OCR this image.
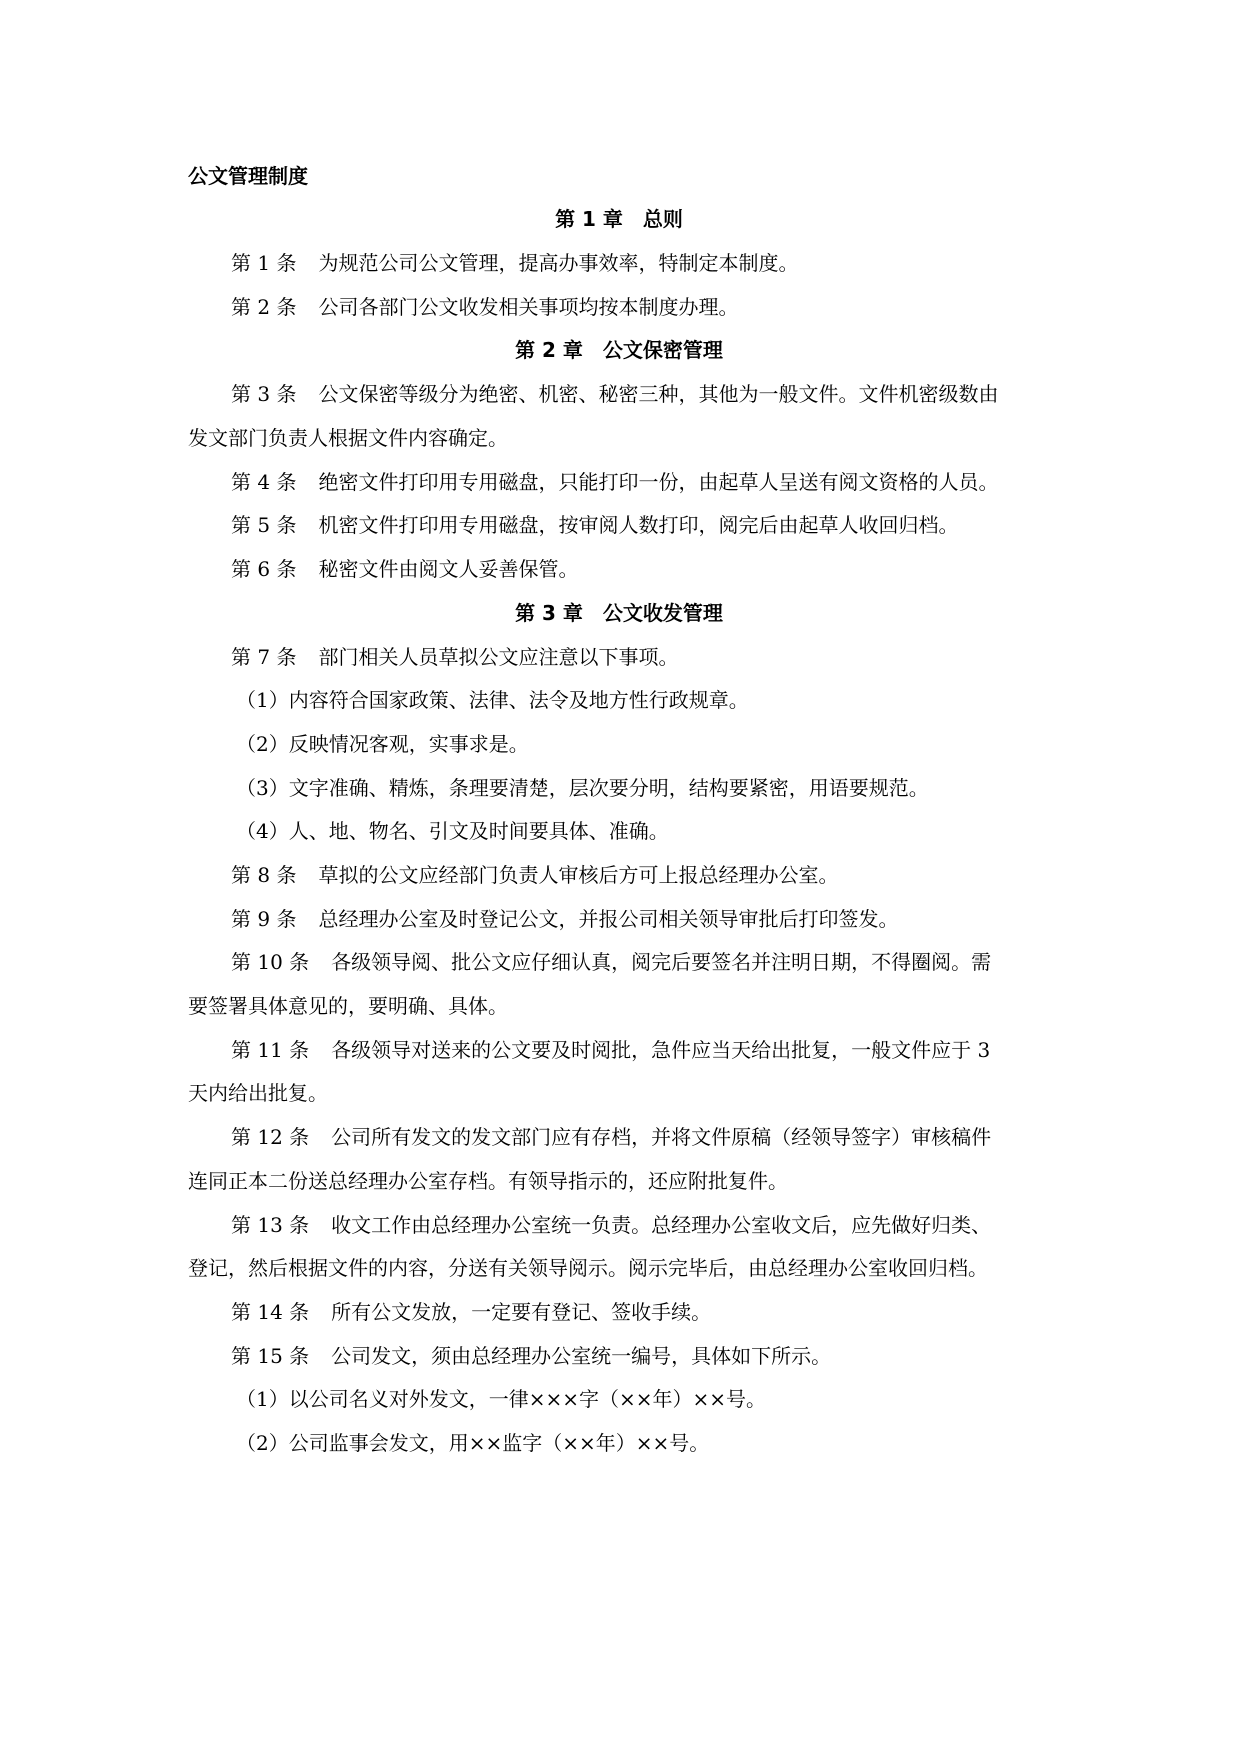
公文管理制度
第 1 章　总则
第 1 条 为规范公司公文管理，提高办事效率，特制定本制度。
第 2 条 公司各部门公文收发相关事项均按本制度办理。
第 2 章　公文保密管理
第 3 条 公文保密等级分为绝密、机密、秘密三种，其他为一般文件。文件机密级数由
发文部门负责人根据文件内容确定。
第 4 条 绝密文件打印用专用磁盘，只能打印一份，由起草人呈送有阅文资格的人员。
第 5 条 机密文件打印用专用磁盘，按审阅人数打印，阅完后由起草人收回归档。
第 6 条 秘密文件由阅文人妥善保管。
第 3 章　公文收发管理
第 7 条 部门相关人员草拟公文应注意以下事项。
（1）内容符合国家政策、法律、法令及地方性行政规章。
（2）反映情况客观，实事求是。
（3）文字准确、精炼，条理要清楚，层次要分明，结构要紧密，用语要规范。
（4）人、地、物名、引文及时间要具体、准确。
第 8 条 草拟的公文应经部门负责人审核后方可上报总经理办公室。
第 9 条 总经理办公室及时登记公文，并报公司相关领导审批后打印签发。
第 10 条 各级领导阅、批公文应仔细认真，阅完后要签名并注明日期，不得圈阅。需
要签署具体意见的，要明确、具体。
第 11 条 各级领导对送来的公文要及时阅批，急件应当天给出批复，一般文件应于 3
天内给出批复。
第 12 条 公司所有发文的发文部门应有存档，并将文件原稿（经领导签字）审核稿件
连同正本二份送总经理办公室存档。有领导指示的，还应附批复件。
第 13 条 收文工作由总经理办公室统一负责。总经理办公室收文后，应先做好归类、
登记，然后根据文件的内容，分送有关领导阅示。阅示完毕后，由总经理办公室收回归档。
第 14 条 所有公文发放，一定要有登记、签收手续。
第 15 条 公司发文，须由总经理办公室统一编号，具体如下所示。
（1）以公司名义对外发文，一律×××字（××年）××号。
（2）公司监事会发文，用××监字（××年）××号。
